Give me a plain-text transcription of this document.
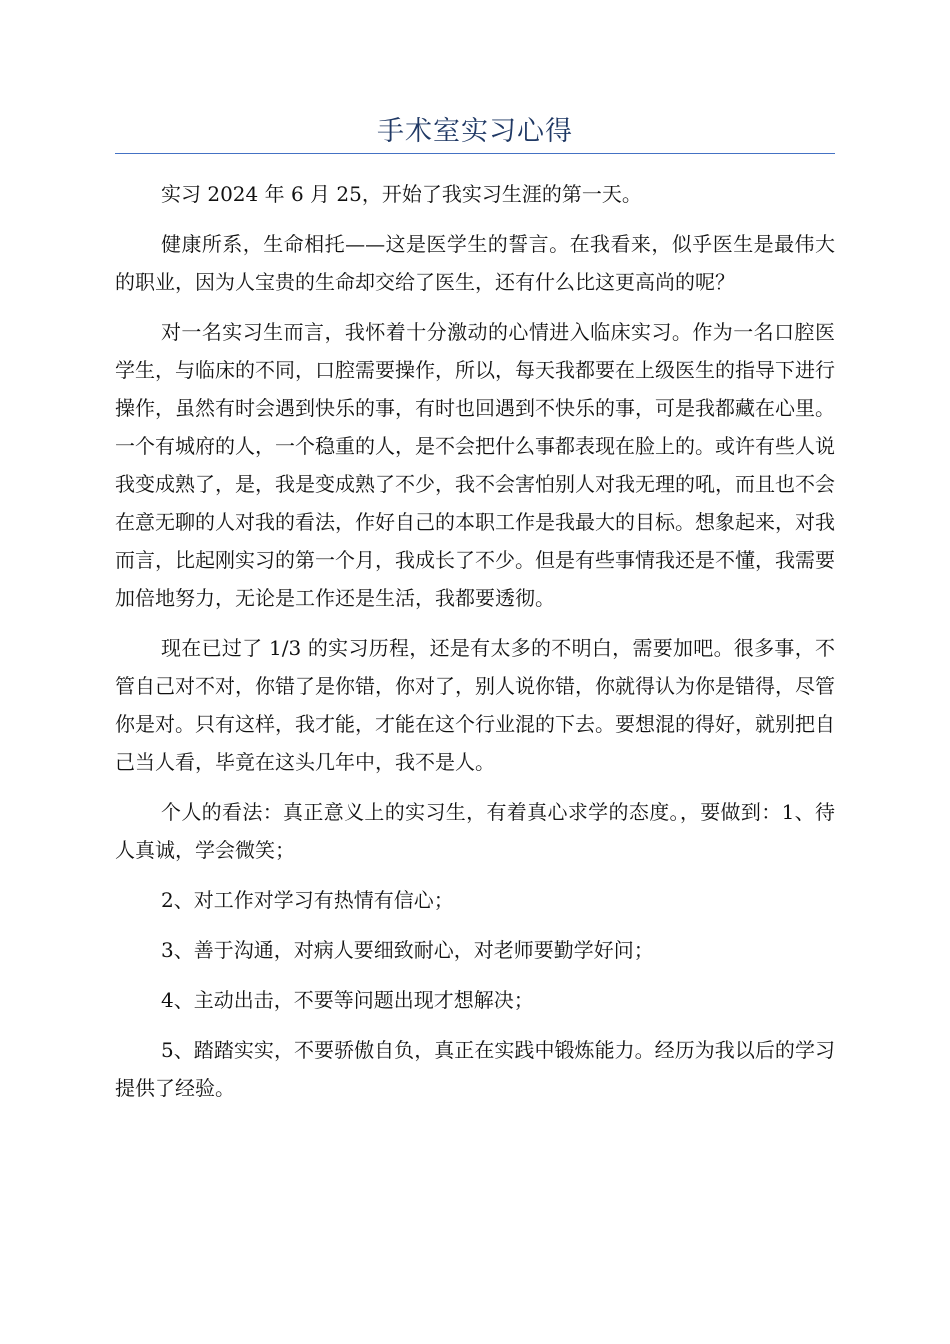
手术室实习心得

实习 2024 年 6 月 25，开始了我实习生涯的第一天。

健康所系，生命相托——这是医学生的誓言。在我看来，似乎医生是最伟大的职业，因为人宝贵的生命却交给了医生，还有什么比这更高尚的呢？

对一名实习生而言，我怀着十分激动的心情进入临床实习。作为一名口腔医学生，与临床的不同，口腔需要操作，所以，每天我都要在上级医生的指导下进行操作，虽然有时会遇到快乐的事，有时也回遇到不快乐的事，可是我都藏在心里。一个有城府的人，一个稳重的人，是不会把什么事都表现在脸上的。或许有些人说我变成熟了，是，我是变成熟了不少，我不会害怕别人对我无理的吼，而且也不会在意无聊的人对我的看法，作好自己的本职工作是我最大的目标。想象起来，对我而言，比起刚实习的第一个月，我成长了不少。但是有些事情我还是不懂，我需要加倍地努力，无论是工作还是生活，我都要透彻。

现在已过了 1/3 的实习历程，还是有太多的不明白，需要加吧。很多事，不管自己对不对，你错了是你错，你对了，别人说你错，你就得认为你是错得，尽管你是对。只有这样，我才能，才能在这个行业混的下去。要想混的得好，就别把自己当人看，毕竟在这头几年中，我不是人。

个人的看法：真正意义上的实习生，有着真心求学的态度。，要做到：1、待人真诚，学会微笑；

2、对工作对学习有热情有信心；

3、善于沟通，对病人要细致耐心，对老师要勤学好问；

4、主动出击，不要等问题出现才想解决；

5、踏踏实实，不要骄傲自负，真正在实践中锻炼能力。经历为我以后的学习提供了经验。
